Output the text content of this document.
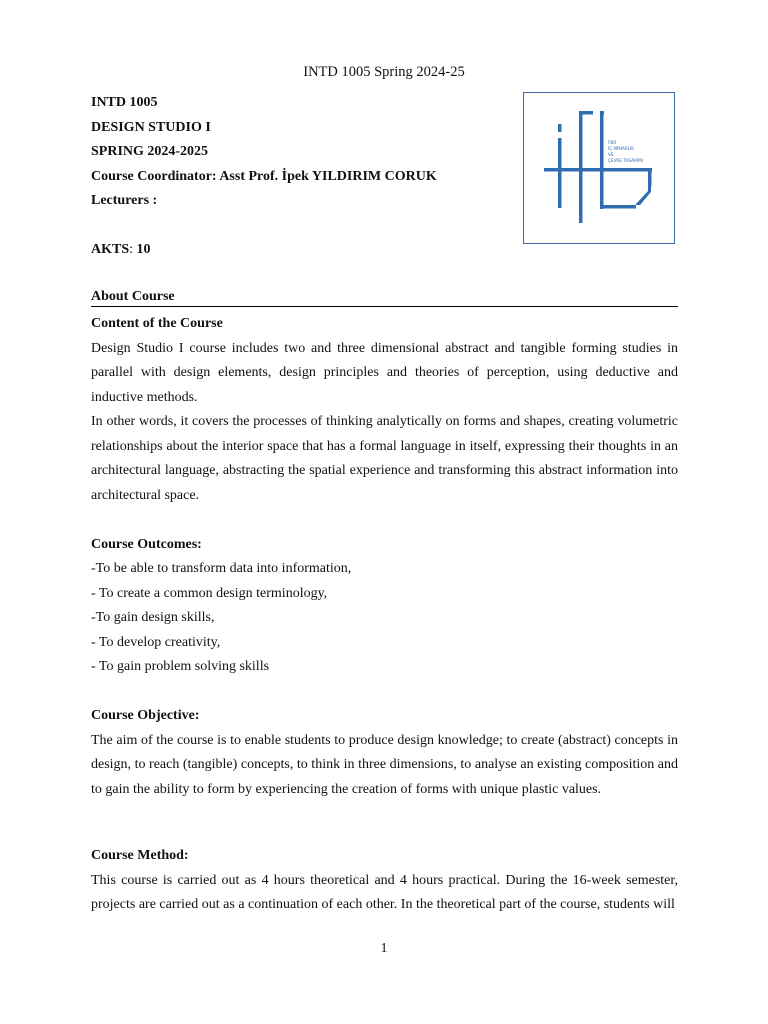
INTD 1005 Spring 2024-25
INTD 1005
DESIGN STUDIO I
SPRING 2024-2025
Course Coordinator: Asst Prof. İpek YILDIRIM CORUK
Lecturers :
AKTS: 10
FBÜ
İÇ MİMARLIK
VE
ÇEVRE TASARIMI
About Course
Content of the Course
Design Studio I course includes two and three dimensional abstract and tangible forming studies in parallel with design elements, design principles and theories of perception, using deductive and inductive methods.
In other words, it covers the processes of thinking analytically on forms and shapes, creating volumetric relationships about the interior space that has a formal language in itself, expressing their thoughts in an architectural language, abstracting the spatial experience and transforming this abstract information into architectural space.
Course Outcomes:
-To be able to transform data into information,
- To create a common design terminology,
-To gain design skills,
- To develop creativity,
- To gain problem solving skills
Course Objective:
The aim of the course is to enable students to produce design knowledge; to create (abstract) concepts in design, to reach (tangible) concepts, to think in three dimensions, to analyse an existing composition and to gain the ability to form by experiencing the creation of forms with unique plastic values.
Course Method:
This course is carried out as 4 hours theoretical and 4 hours practical. During the 16-week semester, projects are carried out as a continuation of each other. In the theoretical part of the course, students will
1
